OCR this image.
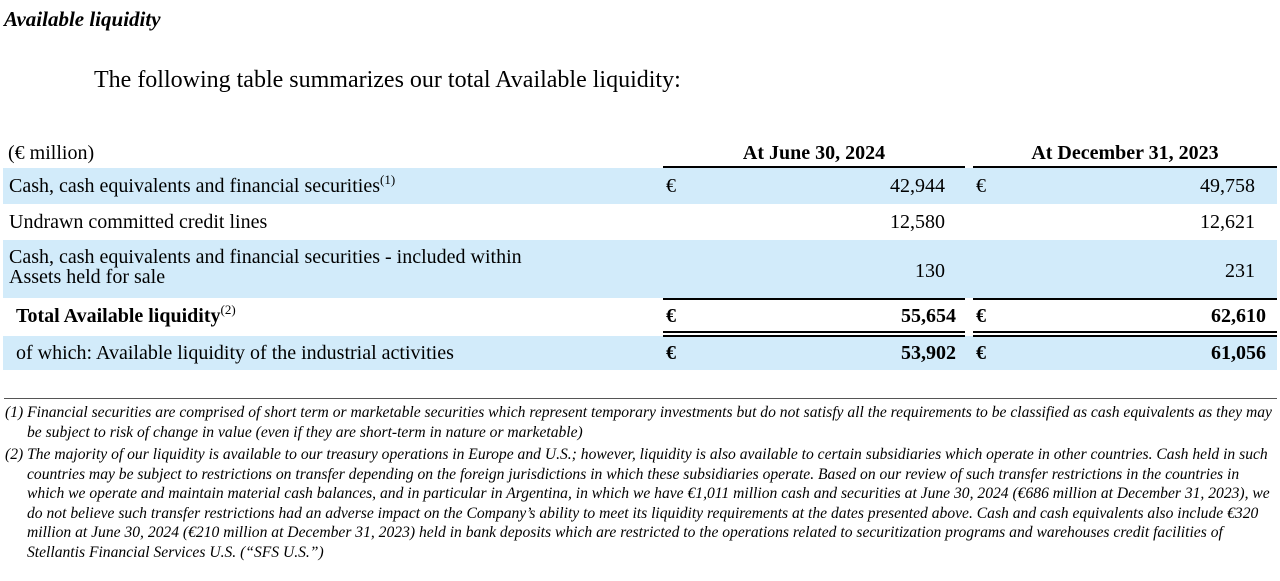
Available liquidity
The following table summarizes our total Available liquidity:
(€ million)	At June 30, 2024	At December 31, 2023
Cash, cash equivalents and financial securities$^{(1)}$	€	42,944 €	49,758
Undrawn committed credit lines	12,580	12,621
Cash, cash equivalents and financial securities - included within
Assets held for sale	130	231
Total Available liquidity$^{(2)}$	€	55,654 €	62,610
of which: Available liquidity of the industrial activities	€	53,902 €	61,056
(1) Financial securities are comprised of short term or marketable securities which represent temporary investments but do not satisfy all the requirements to be classified as cash equivalents as they may be subject to risk of change in value (even if they are short-term in nature or marketable)
(2) The majority of our liquidity is available to our treasury operations in Europe and U.S.; however, liquidity is also available to certain subsidiaries which operate in other countries. Cash held in such countries may be subject to restrictions on transfer depending on the foreign jurisdictions in which these subsidiaries operate. Based on our review of such transfer restrictions in the countries in which we operate and maintain material cash balances, and in particular in Argentina, in which we have €1,011 million cash and securities at June 30, 2024 (€686 million at December 31, 2023), we do not believe such transfer restrictions had an adverse impact on the Company’s ability to meet its liquidity requirements at the dates presented above. Cash and cash equivalents also include €320 million at June 30, 2024 (€210 million at December 31, 2023) held in bank deposits which are restricted to the operations related to securitization programs and warehouses credit facilities of Stellantis Financial Services U.S. (“SFS U.S.”)
